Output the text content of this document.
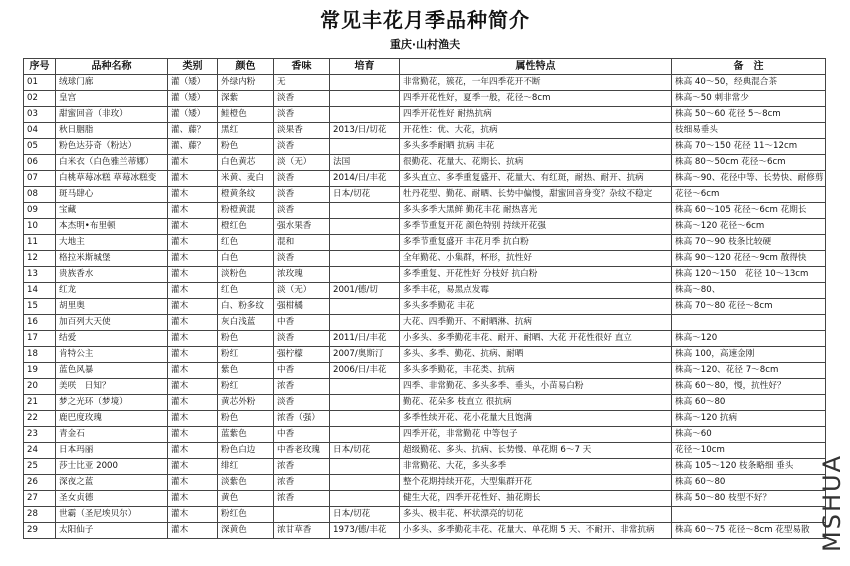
常见丰花月季品种简介
重庆·山村渔夫
序号	品种名称	类别	颜色	香味	培育	属性特点	备　注
01	绒球门廊	灌（矮）	外绿内粉	无		非常勤花，簇花，一年四季花开不断	株高 40～50，经典混合茶
02	皇宫	灌（矮）	深紫	淡香		四季开花性好，夏季一般，花径～8cm	株高～50 刺非常少
03	甜蜜回音（非玫）	灌（矮）	鲑橙色	淡香		四季开花性好 耐热抗病	株高 50～60 花径 5～8cm
04	秋日胭脂	灌、藤？	黑红	淡果香	2013/日/切花	开花性：优、大花，抗病	枝细易垂头
05	粉色达芬奇（粉达）	灌、藤？	粉色	淡香		多头多季耐晒 抗病 丰花	株高 70～150 花径 11～12cm
06	白米衣（白色雅兰蒂娜）	灌木	白色黄芯	淡（无）	法国	很勤花、花量大、花期长、抗病	株高 80～50cm 花径～6cm
07	白桃草莓冰糕 草莓冰糕变	灌木	米黄、麦白	淡香	2014/日/丰花	多头直立、多季重复盛开、花量大、有红斑，耐热、耐开、抗病	株高～90、花径中等、长势快、耐修剪
08	斑马肆心	灌木	橙黄条纹	淡香	日本/切花	牡丹花型、勤花、耐晒、长势中偏慢，甜蜜回音身变？杂纹不稳定	花径～6cm
09	宝藏	灌木	粉橙黄混	淡香		多头多季大黑鲜 勤花丰花 耐热喜光	株高 60～105 花径～6cm 花期长
10	本杰明•布里顿	灌木	橙红色	强水果香		多季节重复开花 颜色特别 持续开花强	株高～120 花径～6cm
11	大地主	灌木	红色	混和		多季节重复盛开 丰花月季 抗白粉	株高 70～90 枝条比较硬
12	格拉米斯城堡	灌木	白色	淡香		全年勤花、小集群，杯形，抗性好	株高 90～120 花径～9cm 散得快
13	贵族香水	灌木	淡粉色	浓玫瑰		多季重复、开花性好 分枝好 抗白粉	株高 120～150　花径 10～13cm
14	红龙	灌木	红色	淡（无）	2001/德/切	多季丰花，易黑点发霉	株高～80、
15	胡里奥	灌木	白、粉多纹	强柑橘		多头多季勤花 丰花	株高 70～80 花径～8cm
16	加百列大天使	灌木	灰白浅蓝	中香		大花、四季勤开、不耐晒淋、抗病	
17	结爱	灌木	粉色	淡香	2011/日/丰花	小多头、多季勤花丰花、耐开、耐晒、大花 开花性很好 直立	株高～120
18	肯特公主	灌木	粉红	强柠檬	2007/奥斯汀	多头、多季、勤花、抗病、耐晒	株高 100，高速金刚
19	蓝色风暴	灌木	紫色	中香	2006/日/丰花	多头多季勤花，丰花类、抗病	株高～120、花径 7～8cm
20	美咲　日知？	灌木	粉红	浓香		四季、非常勤花、多头多季、垂头，小苗易白粉	株高 60～80，慢，抗性好？
21	梦之光环（梦境）	灌木	黄芯外粉	淡香		勤花、花朵多 枝直立 很抗病	株高 60～80
22	鹿巴度玫瑰	灌木	粉色	浓香（强）		多季性续开花、花小花量大且饱满	株高～120 抗病
23	青金石	灌木	蓝紫色	中香		四季开花，非常勤花 中等包子	株高～60
24	日本玛丽	灌木	粉色白边	中香老玫瑰	日本/切花	超级勤花、多头、抗病、长势慢、单花期 6～7 天	花径～10cm
25	莎士比亚 2000	灌木	绯红	浓香		非常勤花、大花，多头多季	株高 105～120 枝条略细 垂头
26	深夜之蓝	灌木	淡紫色	浓香		整个花期持续开花，大型集群开花	株高 60～80
27	圣女贞德	灌木	黄色	浓香		健生大花，四季开花性好、抽花期长	株高 50～80 枝型不好？
28	世霸（圣尼埃贝尔）	灌木	粉红色		日本/切花	多头、极丰花、杯状漂亮的切花	
29	太阳仙子	灌木	深黄色	浓甘草香	1973/德/丰花	小多头、多季勤花丰花、花量大、单花期 5 天、不耐开、非常抗病	株高 60～75 花径～8cm 花型易散 MSHUA
